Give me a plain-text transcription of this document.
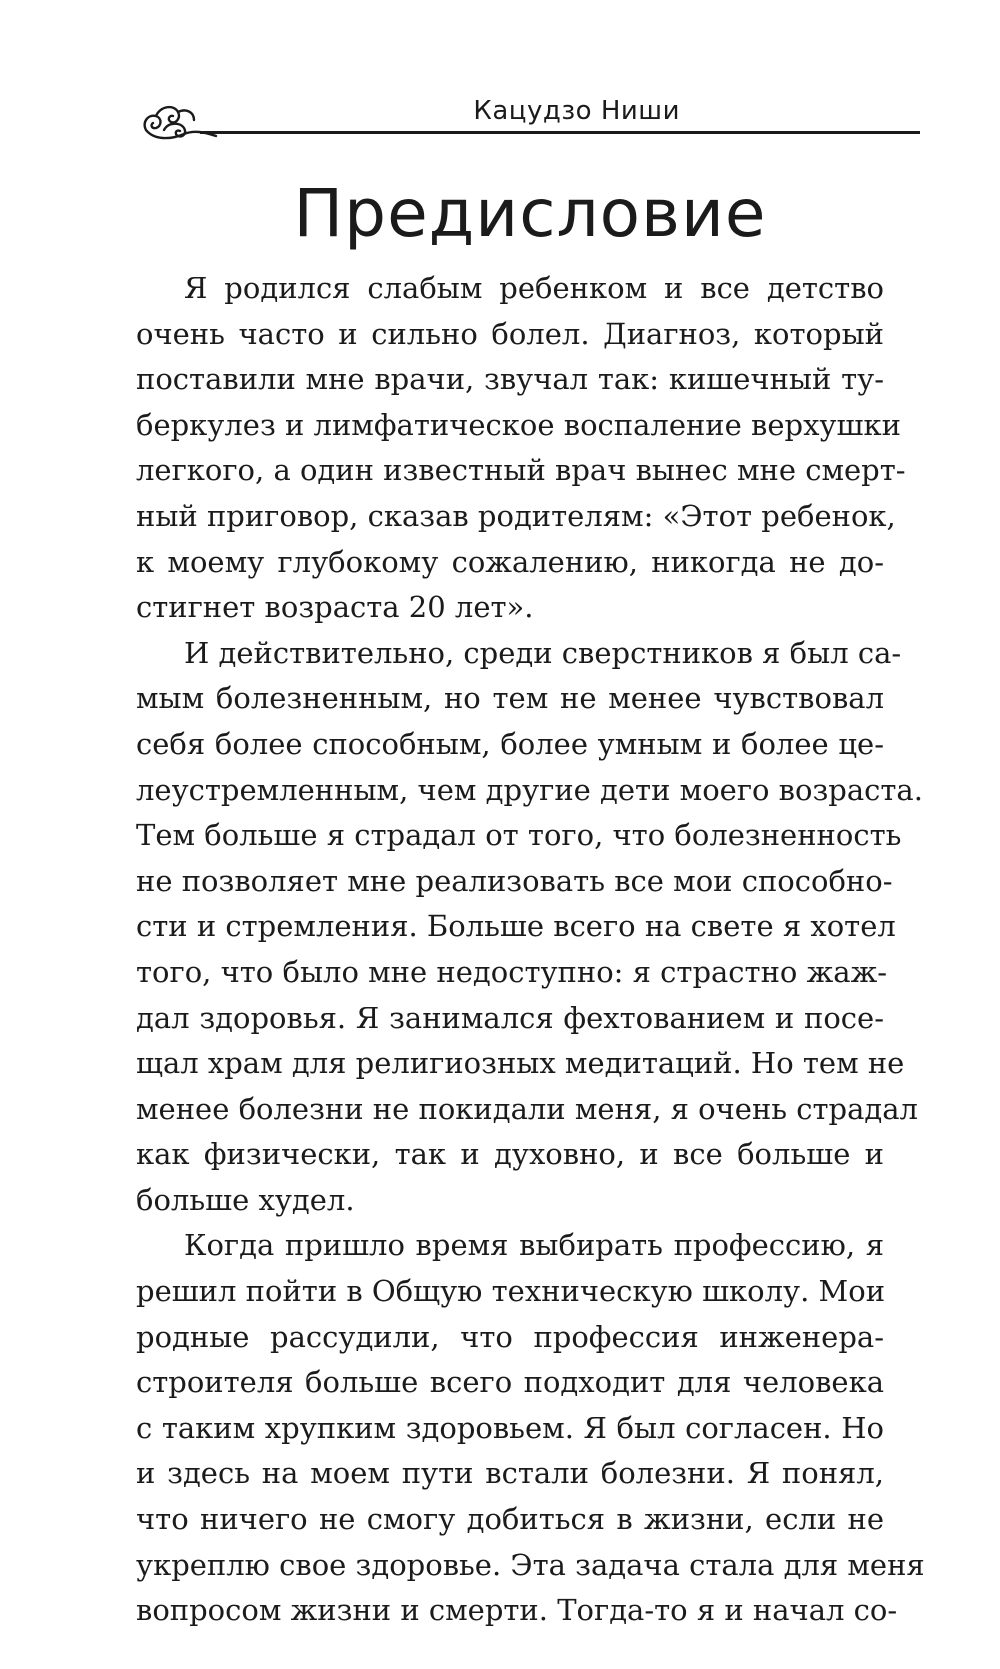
Кацудзо Ниши
Предисловие
Я родился слабым ребенком и все детство
очень часто и сильно болел. Диагноз, который
поставили мне врачи, звучал так: кишечный ту-
беркулез и лимфатическое воспаление верхушки
легкого, а один известный врач вынес мне смерт-
ный приговор, сказав родителям: «Этот ребенок,
к моему глубокому сожалению, никогда не до-
стигнет возраста 20 лет».
И действительно, среди сверстников я был са-
мым болезненным, но тем не менее чувствовал
себя более способным, более умным и более це-
леустремленным, чем другие дети моего возраста.
Тем больше я страдал от того, что болезненность
не позволяет мне реализовать все мои способно-
сти и стремления. Больше всего на свете я хотел
того, что было мне недоступно: я страстно жаж-
дал здоровья. Я занимался фехтованием и посе-
щал храм для религиозных медитаций. Но тем не
менее болезни не покидали меня, я очень страдал
как физически, так и духовно, и все больше и
больше худел.
Когда пришло время выбирать профессию, я
решил пойти в Общую техническую школу. Мои
родные рассудили, что профессия инженера-
строителя больше всего подходит для человека
с таким хрупким здоровьем. Я был согласен. Но
и здесь на моем пути встали болезни. Я понял,
что ничего не смогу добиться в жизни, если не
укреплю свое здоровье. Эта задача стала для меня
вопросом жизни и смерти. Тогда-то я и начал со-
